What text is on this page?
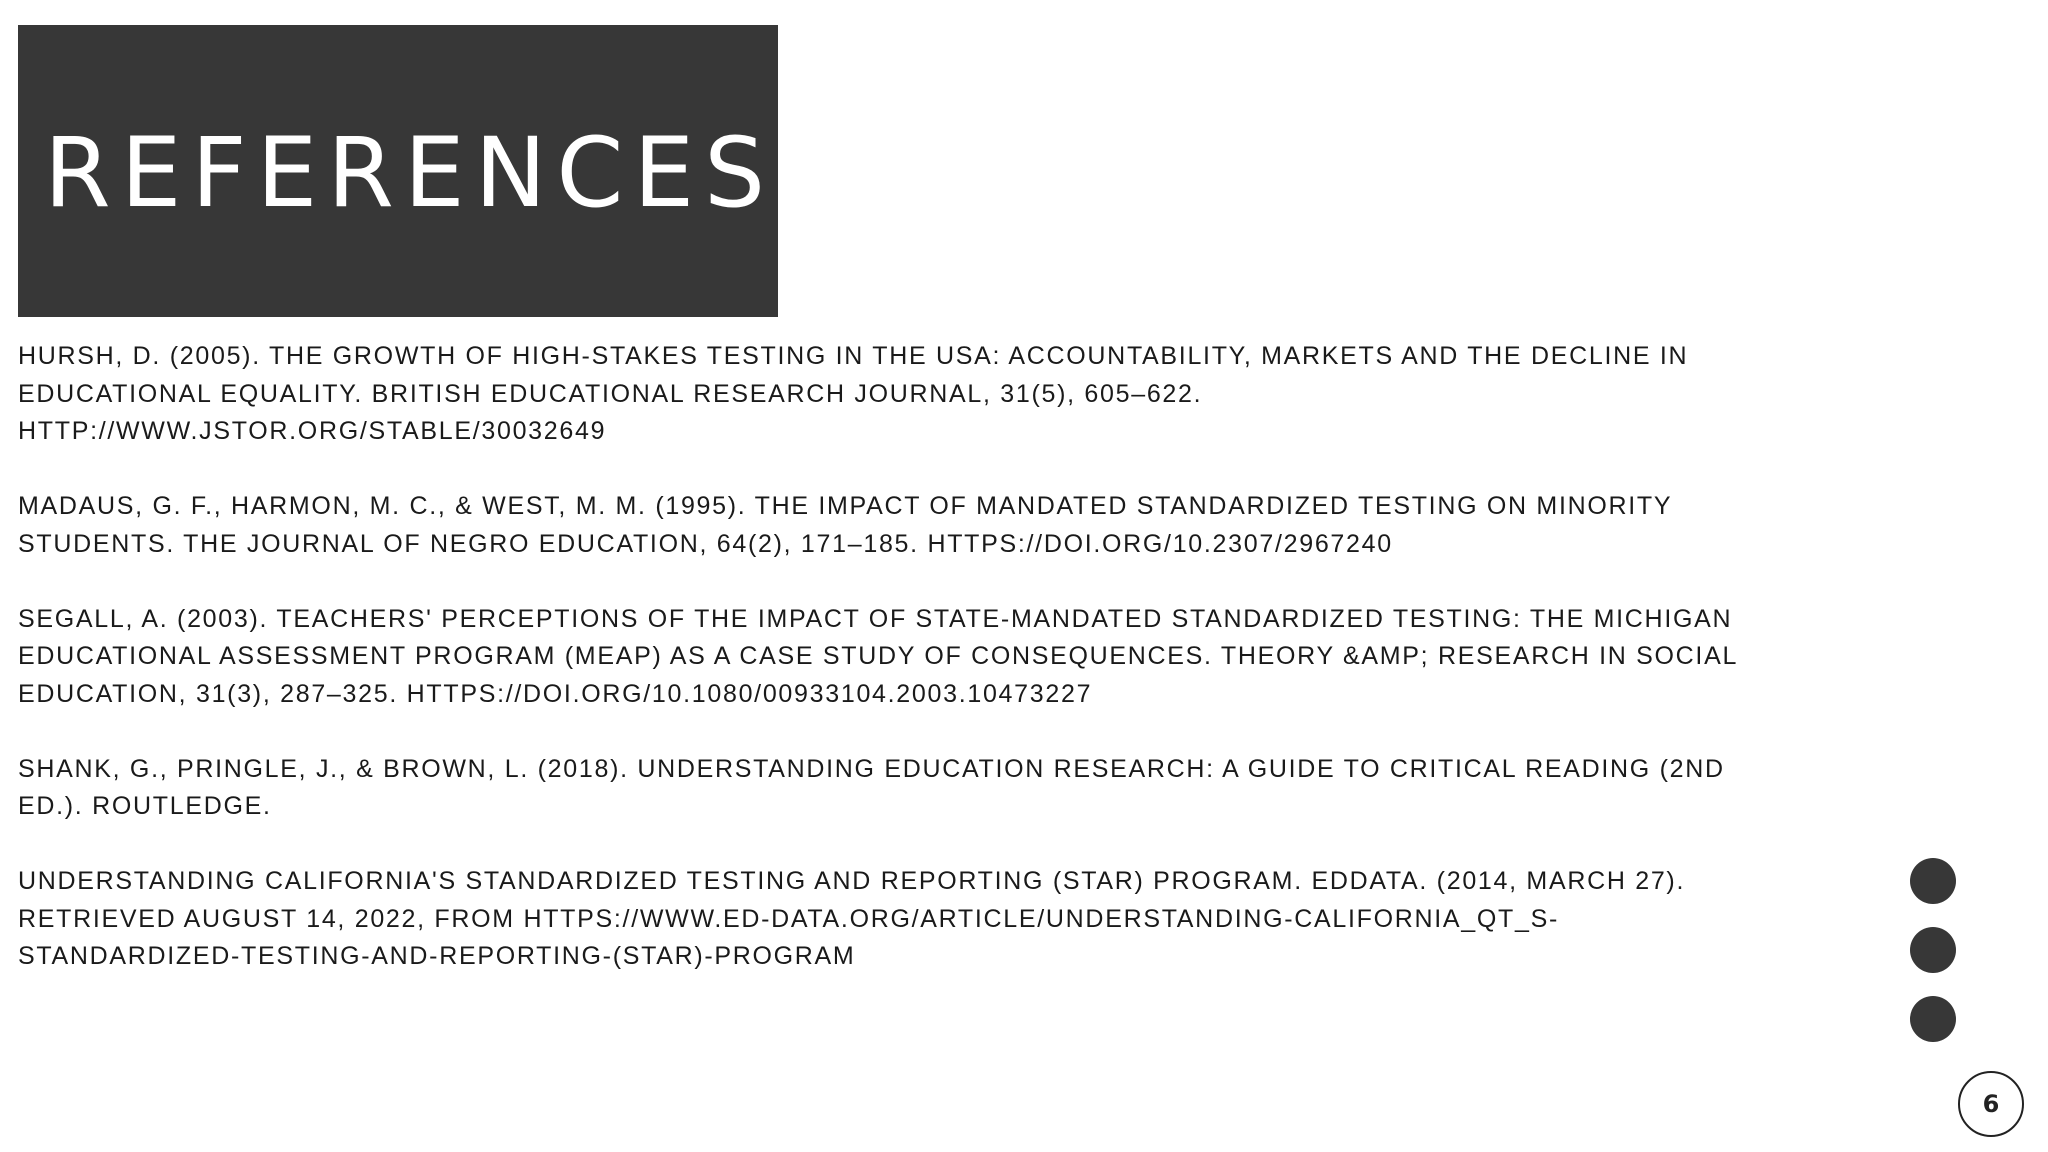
REFERENCES

HURSH, D. (2005). THE GROWTH OF HIGH-STAKES TESTING IN THE USA: ACCOUNTABILITY, MARKETS AND THE DECLINE IN
EDUCATIONAL EQUALITY. BRITISH EDUCATIONAL RESEARCH JOURNAL, 31(5), 605–622.
HTTP://WWW.JSTOR.ORG/STABLE/30032649

MADAUS, G. F., HARMON, M. C., & WEST, M. M. (1995). THE IMPACT OF MANDATED STANDARDIZED TESTING ON MINORITY
STUDENTS. THE JOURNAL OF NEGRO EDUCATION, 64(2), 171–185. HTTPS://DOI.ORG/10.2307/2967240

SEGALL, A. (2003). TEACHERS' PERCEPTIONS OF THE IMPACT OF STATE-MANDATED STANDARDIZED TESTING: THE MICHIGAN
EDUCATIONAL ASSESSMENT PROGRAM (MEAP) AS A CASE STUDY OF CONSEQUENCES. THEORY &AMP; RESEARCH IN SOCIAL
EDUCATION, 31(3), 287–325. HTTPS://DOI.ORG/10.1080/00933104.2003.10473227

SHANK, G., PRINGLE, J., & BROWN, L. (2018). UNDERSTANDING EDUCATION RESEARCH: A GUIDE TO CRITICAL READING (2ND
ED.). ROUTLEDGE.

UNDERSTANDING CALIFORNIA'S STANDARDIZED TESTING AND REPORTING (STAR) PROGRAM. EDDATA. (2014, MARCH 27).
RETRIEVED AUGUST 14, 2022, FROM HTTPS://WWW.ED-DATA.ORG/ARTICLE/UNDERSTANDING-CALIFORNIA_QT_S-
STANDARDIZED-TESTING-AND-REPORTING-(STAR)-PROGRAM

6
